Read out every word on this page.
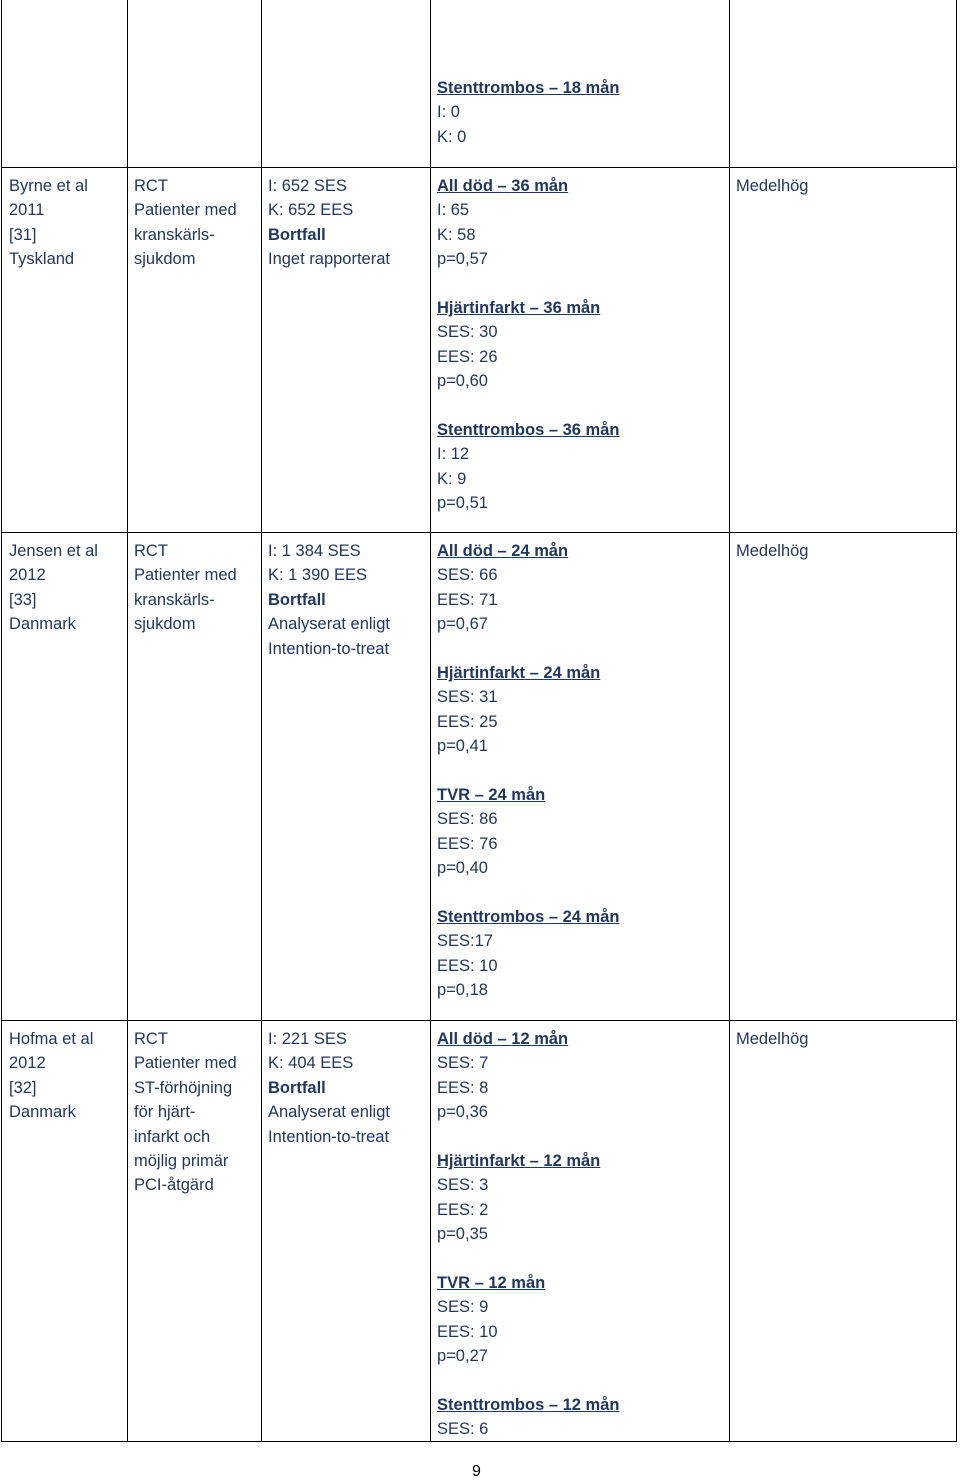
Stenttrombos – 18 mån
I: 0
K: 0
Byrne et al
2011
[31]
Tyskland
RCT
Patienter med
kranskärls-
sjukdom
I: 652 SES
K: 652 EES
Bortfall
Inget rapporterat
All död – 36 mån
I: 65
K: 58
p=0,57
Hjärtinfarkt – 36 mån
SES: 30
EES: 26
p=0,60
Stenttrombos – 36 mån
I: 12
K: 9
p=0,51
Medelhög
Jensen et al
2012
[33]
Danmark
RCT
Patienter med
kranskärls-
sjukdom
I: 1 384 SES
K: 1 390 EES
Bortfall
Analyserat enligt
Intention-to-treat
All död – 24 mån
SES: 66
EES: 71
p=0,67
Hjärtinfarkt – 24 mån
SES: 31
EES: 25
p=0,41
TVR – 24 mån
SES: 86
EES: 76
p=0,40
Stenttrombos – 24 mån
SES:17
EES: 10
p=0,18
Medelhög
Hofma et al
2012
[32]
Danmark
RCT
Patienter med
ST-förhöjning
för hjärt-
infarkt och
möjlig primär
PCI-åtgärd
I: 221 SES
K: 404 EES
Bortfall
Analyserat enligt
Intention-to-treat
All död – 12 mån
SES: 7
EES: 8
p=0,36
Hjärtinfarkt – 12 mån
SES: 3
EES: 2
p=0,35
TVR – 12 mån
SES: 9
EES: 10
p=0,27
Stenttrombos – 12 mån
SES: 6
Medelhög
9
